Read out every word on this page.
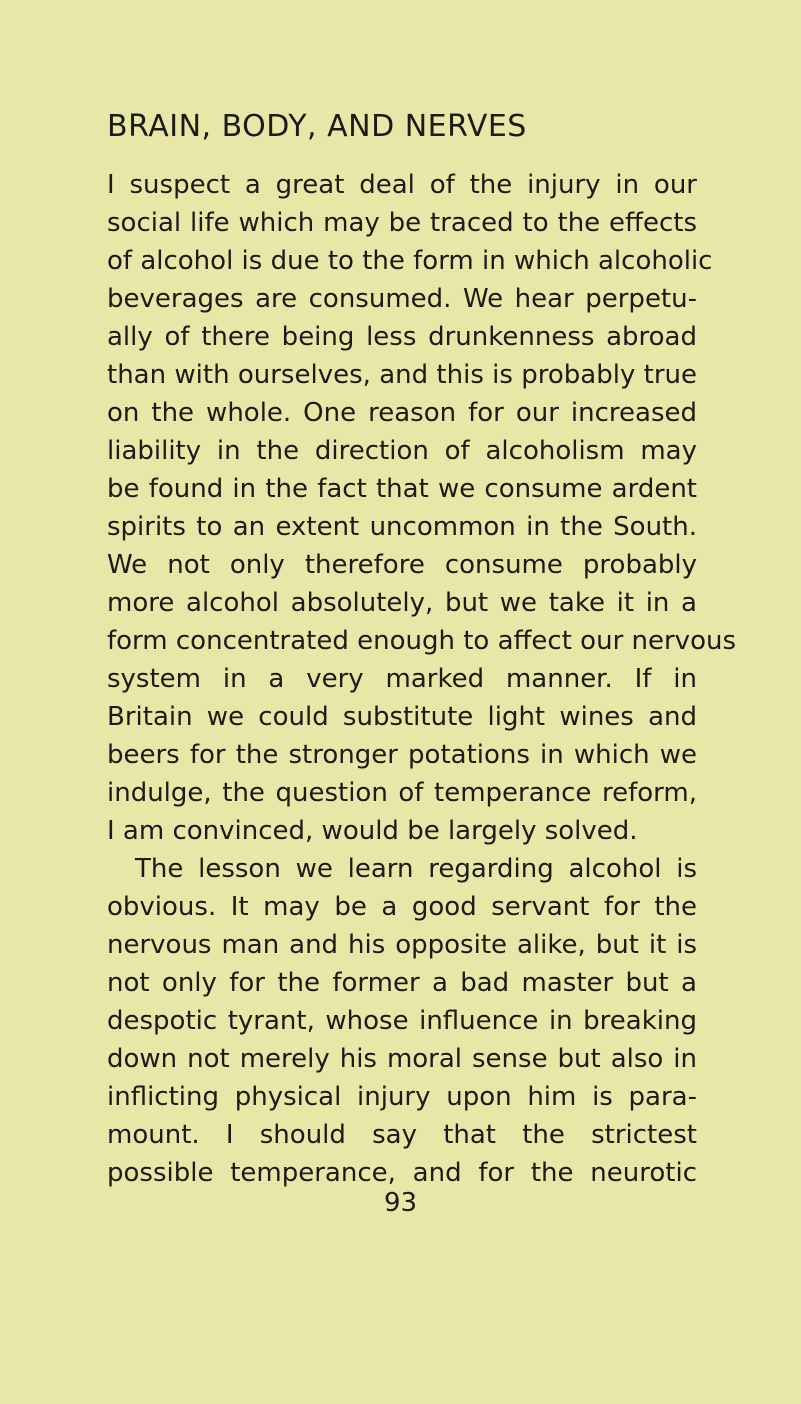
BRAIN, BODY, AND NERVES
I suspect a great deal of the injury in our
social life which may be traced to the effects
of alcohol is due to the form in which alcoholic
beverages are consumed. We hear perpetu-
ally of there being less drunkenness abroad
than with ourselves, and this is probably true
on the whole. One reason for our increased
liability in the direction of alcoholism may
be found in the fact that we consume ardent
spirits to an extent uncommon in the South.
We not only therefore consume probably
more alcohol absolutely, but we take it in a
form concentrated enough to affect our nervous
system in a very marked manner. If in
Britain we could substitute light wines and
beers for the stronger potations in which we
indulge, the question of temperance reform,
I am convinced, would be largely solved.
The lesson we learn regarding alcohol is
obvious. It may be a good servant for the
nervous man and his opposite alike, but it is
not only for the former a bad master but a
despotic tyrant, whose influence in breaking
down not merely his moral sense but also in
inflicting physical injury upon him is para-
mount. I should say that the strictest
possible temperance, and for the neurotic
93
